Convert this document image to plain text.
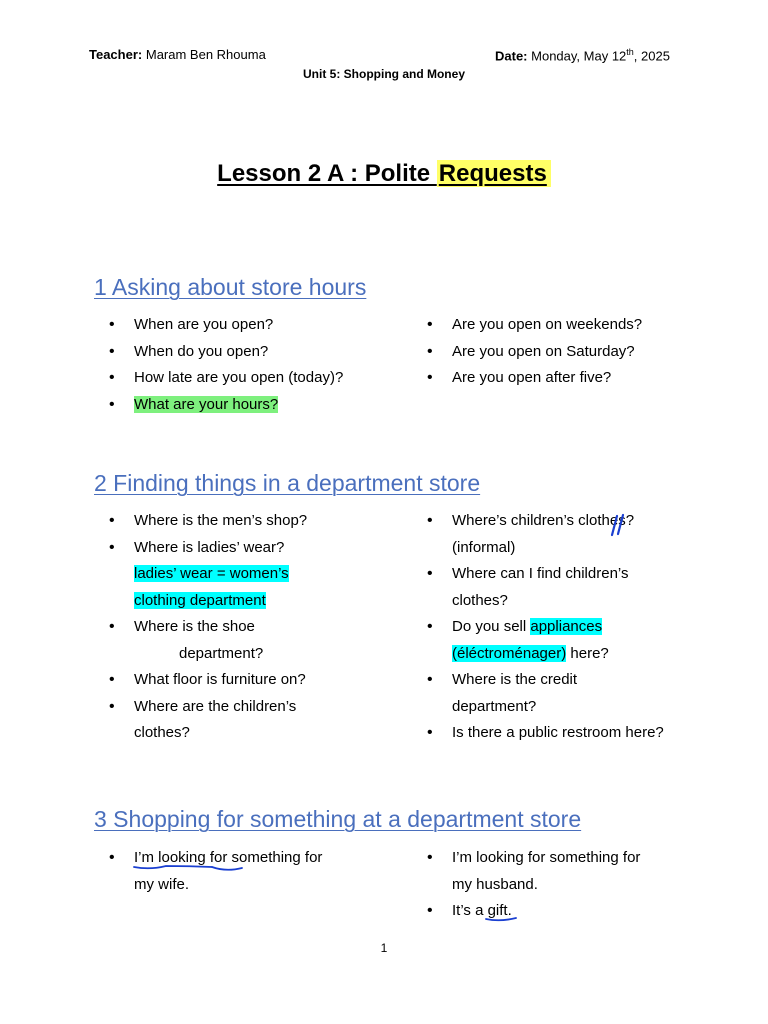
Teacher: Maram Ben Rhouma	Date: Monday, May 12th, 2025
Unit 5: Shopping and Money
Lesson 2 A : Polite Requests
1 Asking about store hours
• When are you open?
• When do you open?
• How late are you open (today)?
• What are your hours?
• Are you open on weekends?
• Are you open on Saturday?
• Are you open after five?
2 Finding things in a department store
• Where is the men’s shop?
• Where is ladies’ wear?
ladies’ wear = women’s
clothing department
• Where is the shoe
department?
• What floor is furniture on?
• Where are the children’s
clothes?
• Where’s children’s clothes?
(informal)
• Where can I find children’s
clothes?
• Do you sell appliances
(éléctroménager) here?
• Where is the credit
department?
• Is there a public restroom here?
3 Shopping for something at a department store
• I’m looking for something for
my wife.
• I’m looking for something for
my husband.
• It’s a gift.
1
